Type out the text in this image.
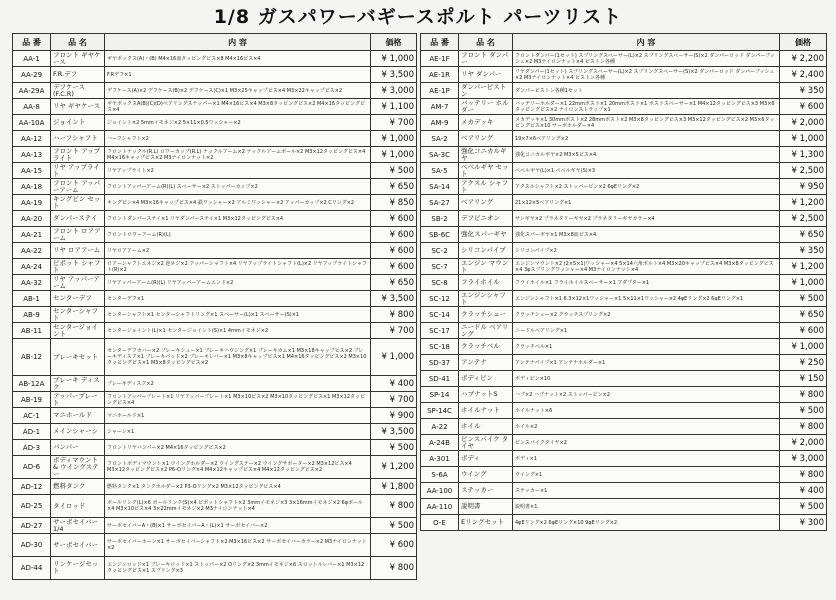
1/8 ガスパワーバギースポルト パーツリスト
品 番	品 名	内 容	価格
AA-1	フロント ギヤケース	ギヤボックス(A)・(B) M4×16皿タッピングビス×8 M4×16ビス×4	¥ 1,000
AA-29	F.R.デフ	F.Rデフ×1	¥ 3,500
AA-29A	デフケース (F.C.R)	デフケース(A)×2 デフケース(B)×2 デフケース(C)×1 M3×25キャップビス×4 M3×22キャップビス×2	¥ 3,000
AA-8	リヤ ギヤケース	ギヤボックスA(B)(C)(D)ベアリングスナッパー×1 M4×16ビス×4 M3×8タッピングビス×2 M4×16タッピングビス×4	¥ 1,100
AA-10A	ジョイント	ジョイント×2 5mmイモネジ×2 5×11×0.5ワッシャー×2	¥ 700
AA-12	ハーフシャフト	ハーフシャフト×2	¥ 1,000
AA-13	フロント アップライト	フロントナックル(R.L) ロワーカップ(R.L) ナックルアーム×2 ナックルアームボール×2 M3×12タッピングビス×4 M4×16キャップビス×2 M3ナイロンナット×2	¥ 1,000
AA-15	リヤ アップライト	リヤアップライト×2	¥ 500
AA-18	フロント アッパーアーム	フロントアッパーアーム(R)(L) スペーサー×2 ストッパーカップ×2	¥ 650
AA-19	キングピン セット	キングピン×4 M3×16キャップビス×4 鉄ワッシャー×2 アルミワッシャー×2 アッパーカップ×2 Cリング×2	¥ 850
AA-20	ダンパーステイ	フロントダンパーステイ×1 リヤダンパーステイ×1 M3×12タッピングビス×4	¥ 600
AA-21	フロント ロアアーム	フロントロワーアーム(R)(L)	¥ 600
AA-22	リヤ ロアアーム	リヤロアアーム×2	¥ 600
AA-24	ピボット シャフト	ロアーシャフトエネジ×2 逆ネジ×2 アッパーシャフト×4 リヤアップライトシャフト(L)×2 リヤアップライトシャフト(R)×2	¥ 600
AA-32	リヤ アッパーアーム	リヤアッパーアーム(R)(L) リヤアッパーアームエンド×2	¥ 650
AB-1	センターデフ	センターデフ×1	¥ 3,500
AB-9	センターシャフト	センターシャフト×1 センターシャフトリング×1 スペーサー(L)×1 スペーサー(S)×1	¥ 800
AB-11	センタージョイント	センタージョイント(L)×1 センタージョイント(S)×1 4mmイモネジ×2	¥ 700
AB-12	ブレーキセット	センターデフカバー×2 ブレーキシュー×1 ブレーキハウジング×1 ブレーキカム×1 M3×18キャップビス×2 ブレーキディスク×1 ブレーキパッド×2 ブレーキレバー×1 M3×8キャップビス×1 M4×16タッピングビス×2 M3×10タッピングビス×1 M3×8タッピングビス×2	¥ 1,000
AB-12A	ブレーキ ディスク	ブレーキディスク×2	¥ 400
AB-19	アッパープレート	フロントアッパープレート×1 リヤアッパープレート×1 M3×10ビス×2 M3×10タッピングビス×1 M3×12タッピングビス×4	¥ 700
AC-1	マニホールド	マニホールド×1	¥ 900
AD-1	メインシャーシ	シャーシ×1	¥ 3,500
AD-3	バンパー	フロントリヤバンパー×2 M4×16タッピングビス×2	¥ 500
AD-6	ボディマウント& ウイングステー	フロントボディマウント×1 ウイングホルダー×2 ウイングステー×2 ウイングサポーター×2 M3×12ビス×4 M3×12タッピングビス×2 P6-Oリング×4 M4×12キャップビス×4 M4×12タッピングビス×2	¥ 1,200
AD-12	燃料タンク	燃料タンク×1 タンクホルダー×2 P3-Oリング×2 M3×12タッピングビス×4	¥ 1,800
AD-25	タイロッド	ボールリンク(L)×6 ボールリンク(S)×4 ピボットシャフト×2 3mmイモネジ×3 3×16mmイモネジ×2 6φボール×4 M3×10ビス×4 3×22mmイモネジ×2 M3ナイロンナット×4	¥ 800
AD-27	サーボセイバー1/4	サーボセイバーA・(B)×1 サーボセイバーA・(L)×1 サーボセイバー×2	¥ 500
AD-30	サーボセイバー	サーボセイバーホーン×1 サーボセイバーシャフト×2 M3×16ビス×2 サーボセイバーカラー×2 M3ナイロンナット×2	¥ 600
AD-44	リンケージセット	エンジンロッド×1 ブレーキロッド×1 ストッパー×2 Oリング×2 3mmイモネジ×6 スロットルレバー×1 M3×12タッピングビス×1 スプリング×3	¥ 800
品 番	品 名	内 容	価格
AE-1F	フロント ダンパー	フロントダンパー(1セット) スプリングスペーサー(L)×2 スプリングスペーサー(S)×2 ダンパーロッド ダンパーブッシュ×2 M3ナイロンナット×4 ピストン各種	¥ 2,200
AE-1R	リヤ ダンパー	リヤダンパー(1セット) スプリングスペーサー(L)×2 スプリングスペーサー(S)×2 ダンパーロッド ダンパーブッシュ×2 M3ナイロンナット×4 ピストン各種	¥ 2,400
AE-1P	ダンパーピストン	ダンパーピストン各種1セット	¥ 350
AM-7	バッテリー ホルダー	バッテリーホルダー×1 22mmポスト×1 20mmポスト×1 ボストスペーサー×1 M4×12タッピングビス×3 M3×6タッピングビス×2 ナイロンストラップ×1	¥ 600
AM-9	メカデッキ	メカデッキ×1 30mmポスト×2 28mmポスト×2 M3×8タッピングビス×3 M3×12タッピングビス×2 M3×6タッピングビス×10 サーボホルダー×4	¥ 2,000
SA-2	ベアリング	19×7×6ベアリング×2	¥ 1,000
SA-3C	強化コニカルギヤ	強化コニカルギヤ×2 M3×5ビス×4	¥ 1,300
SA-5	ベベルギヤ セット	ベベルギヤ(L)×1 ベベルギヤ(S)×3	¥ 2,500
SA-14	アクスル シャフト	アクスルシャフト×2 ストッパーピン×2 6φEリング×2	¥ 950
SA-27	ベアリング	21×12×5ベアリング×1	¥ 1,200
SB-2	デフピニオン	サンギヤ×2 プラネタリーギヤ×2 プラネタリーギヤカラー×4	¥ 2,500
SB-6C	強化スパーギヤ	強化スパーギヤ×1 M3×8皿ビス×4	¥ 650
SC-2	シリコンパイプ	シリコンパイプ×2	¥ 350
SC-7	エンジン マウント	エンジンマウント×2 (2×5×1)ワッシャー×4 5×14六角ボルト×4 M3×20キャップビス×4 M3×8タッピングビス×4 3φスプリングワッシャー×4 M3ナイロンナット×4	¥ 1,200
SC-8	フライホイル	フライホイル×1 フライホイルスペーサー×1 アダプター×1	¥ 1,000
SC-12	エンジンシャフト	エンジンシャフト×1 6.3×12×1ワッシャー×1 5×11×1ワッシャー×2 4φEリング×2 6φEリング×1	¥ 500
SC-14	クラッチシュー	クラッチシュー×2 クラッチスプリング×2	¥ 650
SC-17	ニードル ベアリング	ニードルベアリング×1	¥ 600
SC-18	クラッチベル	クラッチベル×1	¥ 1,000
SD-37	アンテナ	アンテナパイプ×1 アンテナホルダー×1	¥ 250
SD-41	ボディピン	ボディピン×10	¥ 150
SP-14	ハブナットS	ハブ×2 ハブナット×2 ストッパーピン×2	¥ 800
SP-14C	ホイルナット	ホイルナット×6	¥ 500
A-22	ホイル	ホイル×2	¥ 800
A-24B	ピンスパイク タイヤ	ピンスパイクタイヤ×2	¥ 2,000
A-301	ボディ	ボディ×1	¥ 3,000
S-6A	ウイング	ウイング×1	¥ 800
AA-100	ステッカー	ステッカー×1	¥ 400
AA-110	説明書	説明書×1	¥ 500
O-E	Eリングセット	4φEリング×2 6φEリング×10 9φEリング×2	¥ 300
